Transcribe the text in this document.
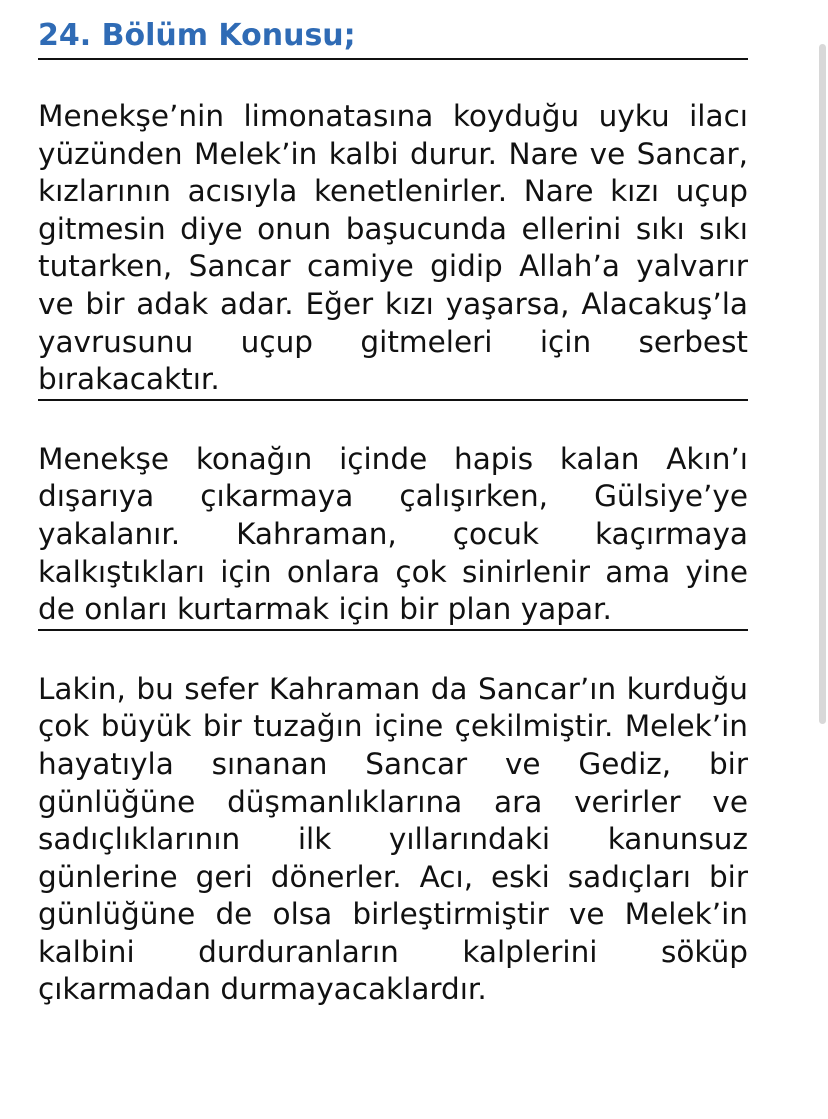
24. Bölüm Konusu;

Menekşe’nin limonatasına koyduğu uyku ilacı yüzünden Melek’in kalbi durur. Nare ve Sancar, kızlarının acısıyla kenetlenirler. Nare kızı uçup gitmesin diye onun başucunda ellerini sıkı sıkı tutarken, Sancar camiye gidip Allah’a yalvarır ve bir adak adar. Eğer kızı yaşarsa, Alacakuş’la yavrusunu uçup gitmeleri için serbest bırakacaktır.

Menekşe konağın içinde hapis kalan Akın’ı dışarıya çıkarmaya çalışırken, Gülsiye’ye yakalanır. Kahraman, çocuk kaçırmaya kalkıştıkları için onlara çok sinirlenir ama yine de onları kurtarmak için bir plan yapar.

Lakin, bu sefer Kahraman da Sancar’ın kurduğu çok büyük bir tuzağın içine çekilmiştir. Melek’in hayatıyla sınanan Sancar ve Gediz, bir günlüğüne düşmanlıklarına ara verirler ve sadıçlıklarının ilk yıllarındaki kanunsuz günlerine geri dönerler. Acı, eski sadıçları bir günlüğüne de olsa birleştirmiştir ve Melek’in kalbini durduranların kalplerini söküp çıkarmadan durmayacaklardır.
